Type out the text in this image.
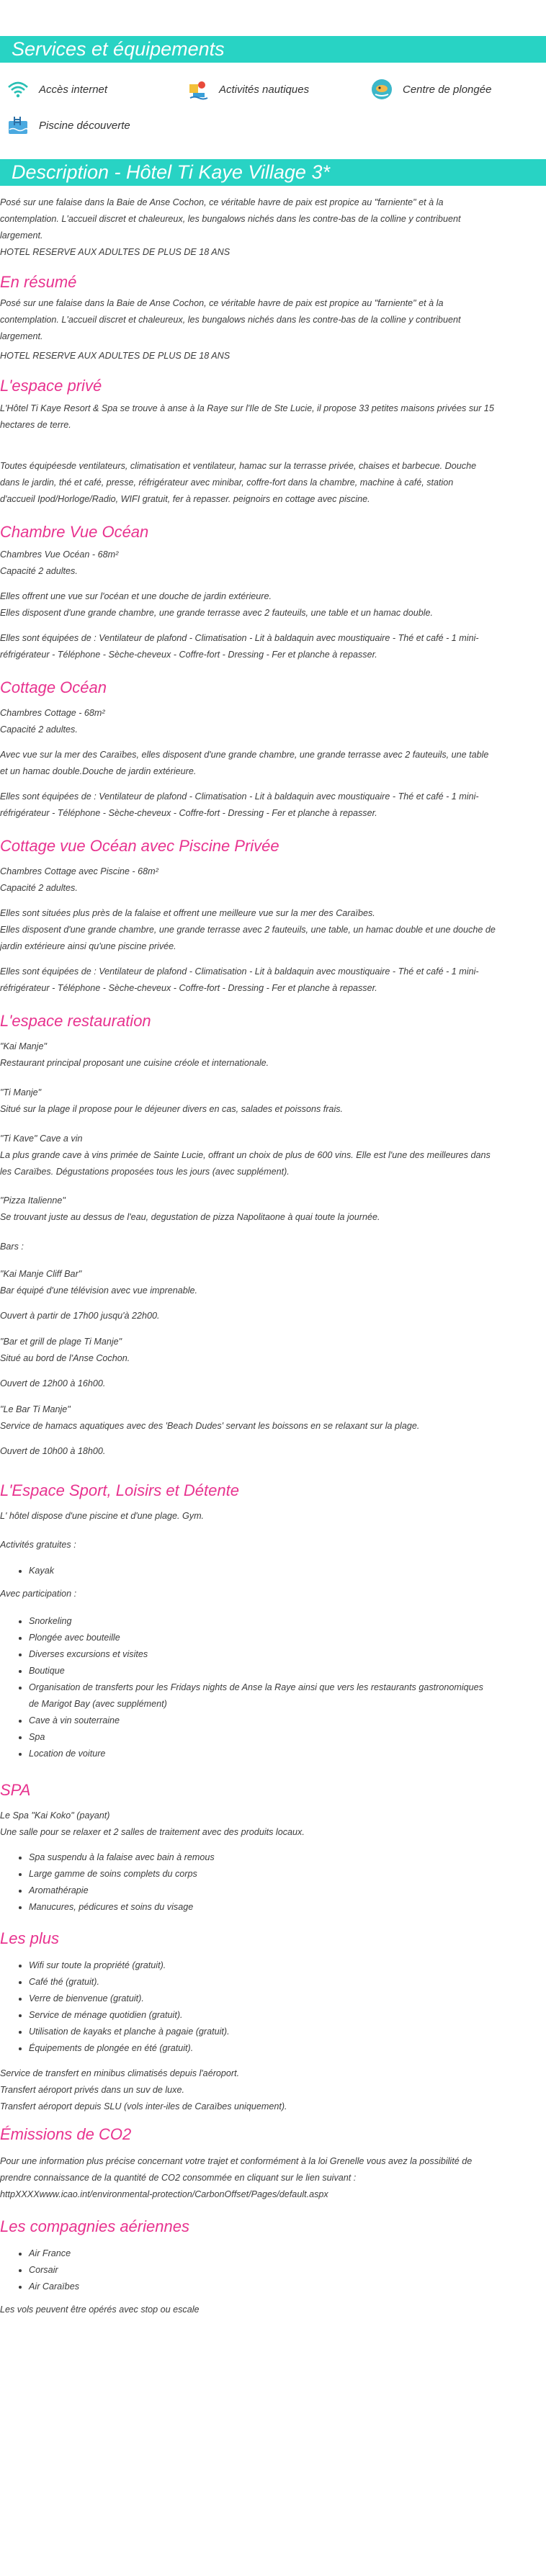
Services et équipements
Accès internet	Activités nautiques	Centre de plongée
Piscine découverte
Description - Hôtel Ti Kaye Village 3*

Posé sur une falaise dans la Baie de Anse Cochon, ce véritable havre de paix est propice au "farniente" et à la

contemplation. L'accueil discret et chaleureux, les bungalows nichés dans les contre-bas de la colline y contribuent

largement.

HOTEL RESERVE AUX ADULTES DE PLUS DE 18 ANS

En résumé

Posé sur une falaise dans la Baie de Anse Cochon, ce véritable havre de paix est propice au "farniente" et à la

contemplation. L'accueil discret et chaleureux, les bungalows nichés dans les contre-bas de la colline y contribuent

largement.

HOTEL RESERVE AUX ADULTES DE PLUS DE 18 ANS

L'espace privé

L'Hôtel Ti Kaye Resort & Spa se trouve à anse à la Raye sur l'Ile de Ste Lucie, il propose 33 petites maisons privées sur 15

hectares de terre.

Toutes équipéesde ventilateurs, climatisation et ventilateur, hamac sur la terrasse privée, chaises et barbecue. Douche

dans le jardin, thé et café, presse, réfrigérateur avec minibar, coffre-fort dans la chambre, machine à café, station

d'accueil Ipod/Horloge/Radio, WIFI gratuit, fer à repasser. peignoirs en cottage avec piscine.

Chambre Vue Océan

Chambres Vue Océan - 68m²

Capacité 2 adultes.

Elles offrent une vue sur l'océan et une douche de jardin extérieure.

Elles disposent d'une grande chambre, une grande terrasse avec 2 fauteuils, une table et un hamac double.

Elles sont équipées de : Ventilateur de plafond - Climatisation - Lit à baldaquin avec moustiquaire - Thé et café - 1 mini-

réfrigérateur - Téléphone - Sèche-cheveux - Coffre-fort - Dressing - Fer et planche à repasser.

Cottage Océan

Chambres Cottage - 68m²

Capacité 2 adultes.

Avec vue sur la mer des Caraïbes, elles disposent d'une grande chambre, une grande terrasse avec 2 fauteuils, une table

et un hamac double.Douche de jardin extérieure.

Elles sont équipées de : Ventilateur de plafond - Climatisation - Lit à baldaquin avec moustiquaire - Thé et café - 1 mini-

réfrigérateur - Téléphone - Sèche-cheveux - Coffre-fort - Dressing - Fer et planche à repasser.

Cottage vue Océan avec Piscine Privée

Chambres Cottage avec Piscine - 68m²

Capacité 2 adultes.

Elles sont situées plus près de la falaise et offrent une meilleure vue sur la mer des Caraïbes.

Elles disposent d'une grande chambre, une grande terrasse avec 2 fauteuils, une table, un hamac double et une douche de

jardin extérieure ainsi qu'une piscine privée.

Elles sont équipées de : Ventilateur de plafond - Climatisation - Lit à baldaquin avec moustiquaire - Thé et café - 1 mini-

réfrigérateur - Téléphone - Sèche-cheveux - Coffre-fort - Dressing - Fer et planche à repasser.

L'espace restauration

"Kai Manje"

Restaurant principal proposant une cuisine créole et internationale.

"Ti Manje"

Situé sur la plage il propose pour le déjeuner divers en cas, salades et poissons frais.

"Ti Kave" Cave a vin

La plus grande cave à vins primée de Sainte Lucie, offrant un choix de plus de 600 vins. Elle est l'une des meilleures dans

les Caraïbes. Dégustations proposées tous les jours (avec supplément).

"Pizza Italienne"

Se trouvant juste au dessus de l'eau, degustation de pizza Napolitaone à quai toute la journée.

Bars :

"Kai Manje Cliff Bar"

Bar équipé d'une télévision avec vue imprenable.

Ouvert à partir de 17h00 jusqu'à 22h00.

"Bar et grill de plage Ti Manje"

Situé au bord de l'Anse Cochon.

Ouvert de 12h00 à 16h00.

"Le Bar Ti Manje"

Service de hamacs aquatiques avec des 'Beach Dudes' servant les boissons en se relaxant sur la plage.

Ouvert de 10h00 à 18h00.

L'Espace Sport, Loisirs et Détente

L' hôtel dispose d'une piscine et d'une plage. Gym.

Activités gratuites :

• Kayak

Avec participation :

• Snorkeling
• Plongée avec bouteille
• Diverses excursions et visites
• Boutique
• Organisation de transferts pour les Fridays nights de Anse la Raye ainsi que vers les restaurants gastronomiques
de Marigot Bay (avec supplément)
• Cave à vin souterraine
• Spa
• Location de voiture
SPA

Le Spa "Kai Koko" (payant)

Une salle pour se relaxer et 2 salles de traitement avec des produits locaux.

• Spa suspendu à la falaise avec bain à remous
• Large gamme de soins complets du corps
• Aromathérapie
• Manucures, pédicures et soins du visage
Les plus
• Wifi sur toute la propriété (gratuit).
• Café thé (gratuit).
• Verre de bienvenue (gratuit).
• Service de ménage quotidien (gratuit).
• Utilisation de kayaks et planche à pagaie (gratuit).
• Équipements de plongée en été (gratuit).

Service de transfert en minibus climatisés depuis l'aéroport.

Transfert aéroport privés dans un suv de luxe.

Transfert aéroport depuis SLU (vols inter-iles de Caraïbes uniquement).

Émissions de CO2

Pour une information plus précise concernant votre trajet et conformément à la loi Grenelle vous avez la possibilité de

prendre connaissance de la quantité de CO2 consommée en cliquant sur le lien suivant :

httpXXXXwww.icao.int/environmental-protection/CarbonOffset/Pages/default.aspx

Les compagnies aériennes
• Air France
• Corsair
• Air Caraïbes

Les vols peuvent être opérés avec stop ou escale
